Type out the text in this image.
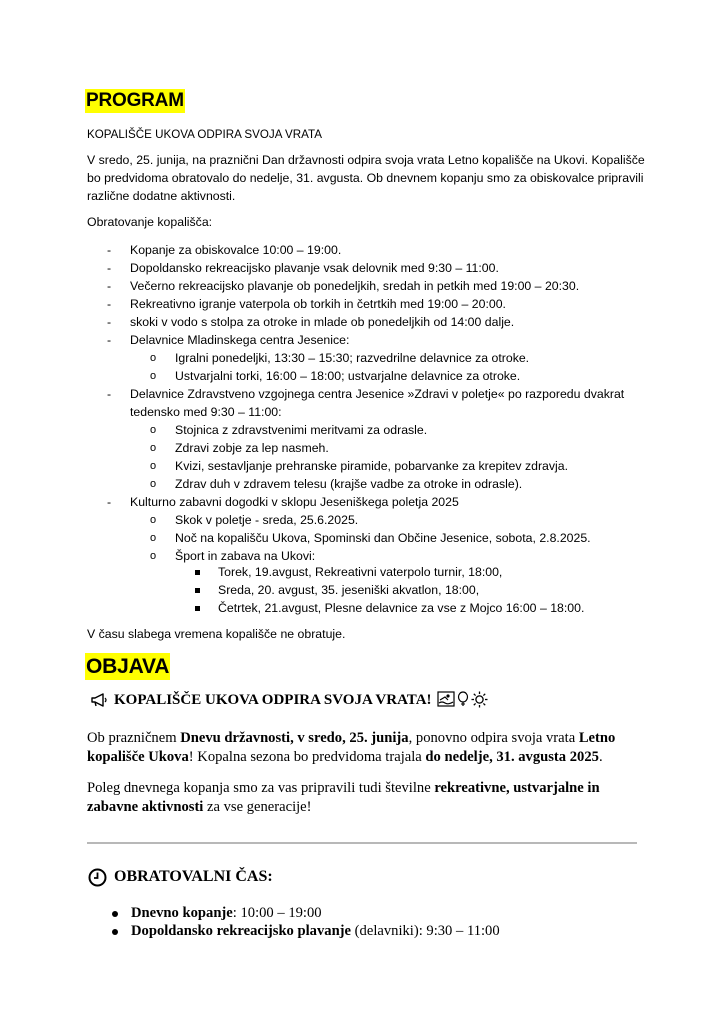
PROGRAM
KOPALIŠČE UKOVA ODPIRA SVOJA VRATA
V sredo, 25. junija, na praznični Dan državnosti odpira svoja vrata Letno kopališče na Ukovi. Kopališče
bo predvidoma obratovalo do nedelje, 31. avgusta. Ob dnevnem kopanju smo za obiskovalce pripravili
različne dodatne aktivnosti.
Obratovanje kopališča:
- Kopanje za obiskovalce 10:00 – 19:00.
- Dopoldansko rekreacijsko plavanje vsak delovnik med 9:30 – 11:00.
- Večerno rekreacijsko plavanje ob ponedeljkih, sredah in petkih med 19:00 – 20:30.
- Rekreativno igranje vaterpola ob torkih in četrtkih med 19:00 – 20:00.
- skoki v vodo s stolpa za otroke in mlade ob ponedeljkih od 14:00 dalje.
- Delavnice Mladinskega centra Jesenice:
o Igralni ponedeljki, 13:30 – 15:30; razvedrilne delavnice za otroke.
o Ustvarjalni torki, 16:00 – 18:00; ustvarjalne delavnice za otroke.
- Delavnice Zdravstveno vzgojnega centra Jesenice »Zdravi v poletje« po razporedu dvakrat
tedensko med 9:30 – 11:00:
o Stojnica z zdravstvenimi meritvami za odrasle.
o Zdravi zobje za lep nasmeh.
o Kvizi, sestavljanje prehranske piramide, pobarvanke za krepitev zdravja.
o Zdrav duh v zdravem telesu (krajše vadbe za otroke in odrasle).
- Kulturno zabavni dogodki v sklopu Jeseniškega poletja 2025
o Skok v poletje - sreda, 25.6.2025.
o Noč na kopališču Ukova, Spominski dan Občine Jesenice, sobota, 2.8.2025.
o Šport in zabava na Ukovi:
Torek, 19.avgust, Rekreativni vaterpolo turnir, 18:00,
Sreda, 20. avgust, 35. jeseniški akvatlon, 18:00,
Četrtek, 21.avgust, Plesne delavnice za vse z Mojco 16:00 – 18:00.
V času slabega vremena kopališče ne obratuje.
OBJAVA
KOPALIŠČE UKOVA ODPIRA SVOJA VRATA!
Ob prazničnem Dnevu državnosti, v sredo, 25. junija, ponovno odpira svoja vrata Letno
kopališče Ukova! Kopalna sezona bo predvidoma trajala do nedelje, 31. avgusta 2025.
Poleg dnevnega kopanja smo za vas pripravili tudi številne rekreativne, ustvarjalne in
zabavne aktivnosti za vse generacije!
OBRATOVALNI ČAS:
Dnevno kopanje: 10:00 – 19:00
Dopoldansko rekreacijsko plavanje (delavniki): 9:30 – 11:00
